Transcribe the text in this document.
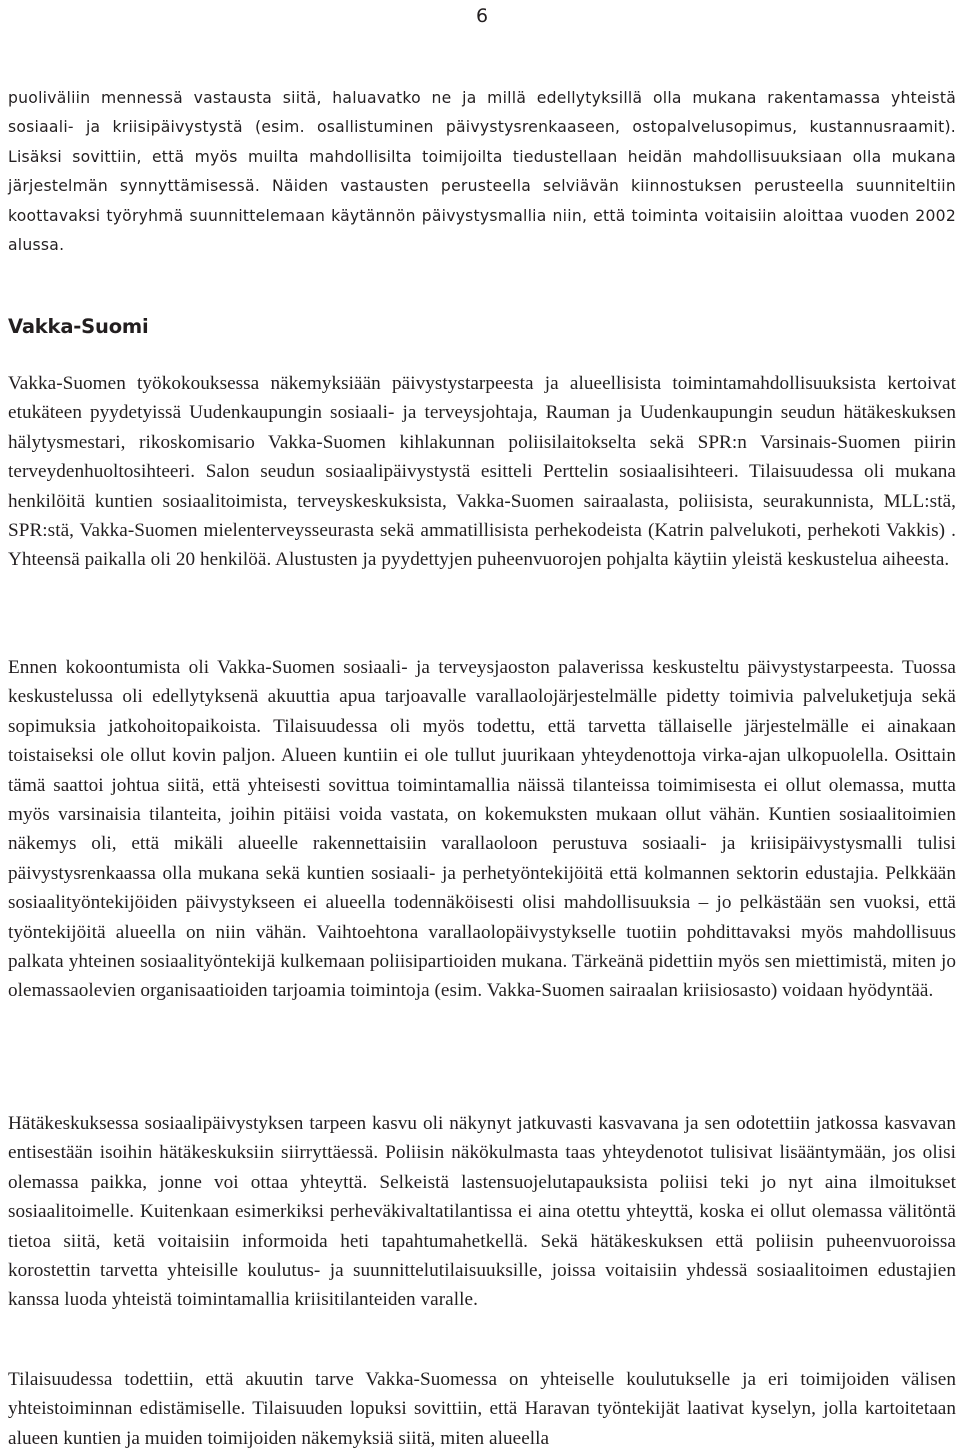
6

puoliväliin mennessä vastausta siitä, haluavatko ne ja millä edellytyksillä olla mukana rakentamassa yhteistä sosiaali- ja kriisipäivystystä (esim. osallistuminen päivystysrenkaaseen, ostopalvelusopimus, kustannusraamit). Lisäksi sovittiin, että myös muilta mahdollisilta toimijoilta tiedustellaan heidän mahdollisuuksiaan olla mukana järjestelmän synnyttämisessä. Näiden vastausten perusteella selviävän kiinnostuksen perusteella suunniteltiin koottavaksi työryhmä suunnittelemaan käytännön päivystysmallia niin, että toiminta voitaisiin aloittaa vuoden 2002 alussa.

Vakka-Suomi

Vakka-Suomen työkokouksessa näkemyksiään päivystystarpeesta ja alueellisista toimintamahdollisuuksista kertoivat etukäteen pyydetyissä Uudenkaupungin sosiaali- ja terveysjohtaja, Rauman ja Uudenkaupungin seudun hätäkeskuksen hälytysmestari, rikoskomisario Vakka-Suomen kihlakunnan poliisilaitokselta sekä SPR:n Varsinais-Suomen piirin terveydenhuoltosihteeri. Salon seudun sosiaalipäivystystä esitteli Perttelin sosiaalisihteeri. Tilaisuudessa oli mukana henkilöitä kuntien sosiaalitoimista, terveyskeskuksista, Vakka-Suomen sairaalasta, poliisista, seurakunnista, MLL:stä, SPR:stä, Vakka-Suomen mielenterveysseurasta sekä ammatillisista perhekodeista (Katrin palvelukoti, perhekoti Vakkis) . Yhteensä paikalla oli 20 henkilöä. Alustusten ja pyydettyjen puheenvuorojen pohjalta käytiin yleistä keskustelua aiheesta.

Ennen kokoontumista oli Vakka-Suomen sosiaali- ja terveysjaoston palaverissa keskusteltu päivystystarpeesta. Tuossa keskustelussa oli edellytyksenä akuuttia apua tarjoavalle varallaolojärjestelmälle pidetty toimivia palveluketjuja sekä sopimuksia jatkohoitopaikoista. Tilaisuudessa oli myös todettu, että tarvetta tällaiselle järjestelmälle ei ainakaan toistaiseksi ole ollut kovin paljon. Alueen kuntiin ei ole tullut juurikaan yhteydenottoja virka-ajan ulkopuolella. Osittain tämä saattoi johtua siitä, että yhteisesti sovittua toimintamallia näissä tilanteissa toimimisesta ei ollut olemassa, mutta myös varsinaisia tilanteita, joihin pitäisi voida vastata, on kokemuksten mukaan ollut vähän. Kuntien sosiaalitoimien näkemys oli, että mikäli alueelle rakennettaisiin varallaoloon perustuva sosiaali- ja kriisipäivystysmalli tulisi päivystysrenkaassa olla mukana sekä kuntien sosiaali- ja perhetyöntekijöitä että kolmannen sektorin edustajia. Pelkkään sosiaalityöntekijöiden päivystykseen ei alueella todennäköisesti olisi mahdollisuuksia – jo pelkästään sen vuoksi, että työntekijöitä alueella on niin vähän. Vaihtoehtona varallaolopäivystykselle tuotiin pohdittavaksi myös mahdollisuus palkata yhteinen sosiaalityöntekijä kulkemaan poliisipartioiden mukana. Tärkeänä pidettiin myös sen miettimistä, miten jo olemassaolevien organisaatioiden tarjoamia toimintoja (esim. Vakka-Suomen sairaalan kriisiosasto) voidaan hyödyntää.

Hätäkeskuksessa sosiaalipäivystyksen tarpeen kasvu oli näkynyt jatkuvasti kasvavana ja sen odotettiin jatkossa kasvavan entisestään isoihin hätäkeskuksiin siirryttäessä. Poliisin näkökulmasta taas yhteydenotot tulisivat lisääntymään, jos olisi olemassa paikka, jonne voi ottaa yhteyttä. Selkeistä lastensuojelutapauksista poliisi teki jo nyt aina ilmoitukset sosiaalitoimelle. Kuitenkaan esimerkiksi perheväkivaltatilantissa ei aina otettu yhteyttä, koska ei ollut olemassa välitöntä tietoa siitä, ketä voitaisiin informoida heti tapahtumahetkellä. Sekä hätäkeskuksen että poliisin puheenvuoroissa korostettin tarvetta yhteisille koulutus- ja suunnittelutilaisuuksille, joissa voitaisiin yhdessä sosiaalitoimen edustajien kanssa luoda yhteistä toimintamallia kriisitilanteiden varalle.

Tilaisuudessa todettiin, että akuutin tarve Vakka-Suomessa on yhteiselle koulutukselle ja eri toimijoiden välisen yhteistoiminnan edistämiselle. Tilaisuuden lopuksi sovittiin, että Haravan työntekijät laativat kyselyn, jolla kartoitetaan alueen kuntien ja muiden toimijoiden näkemyksiä siitä, miten alueella
